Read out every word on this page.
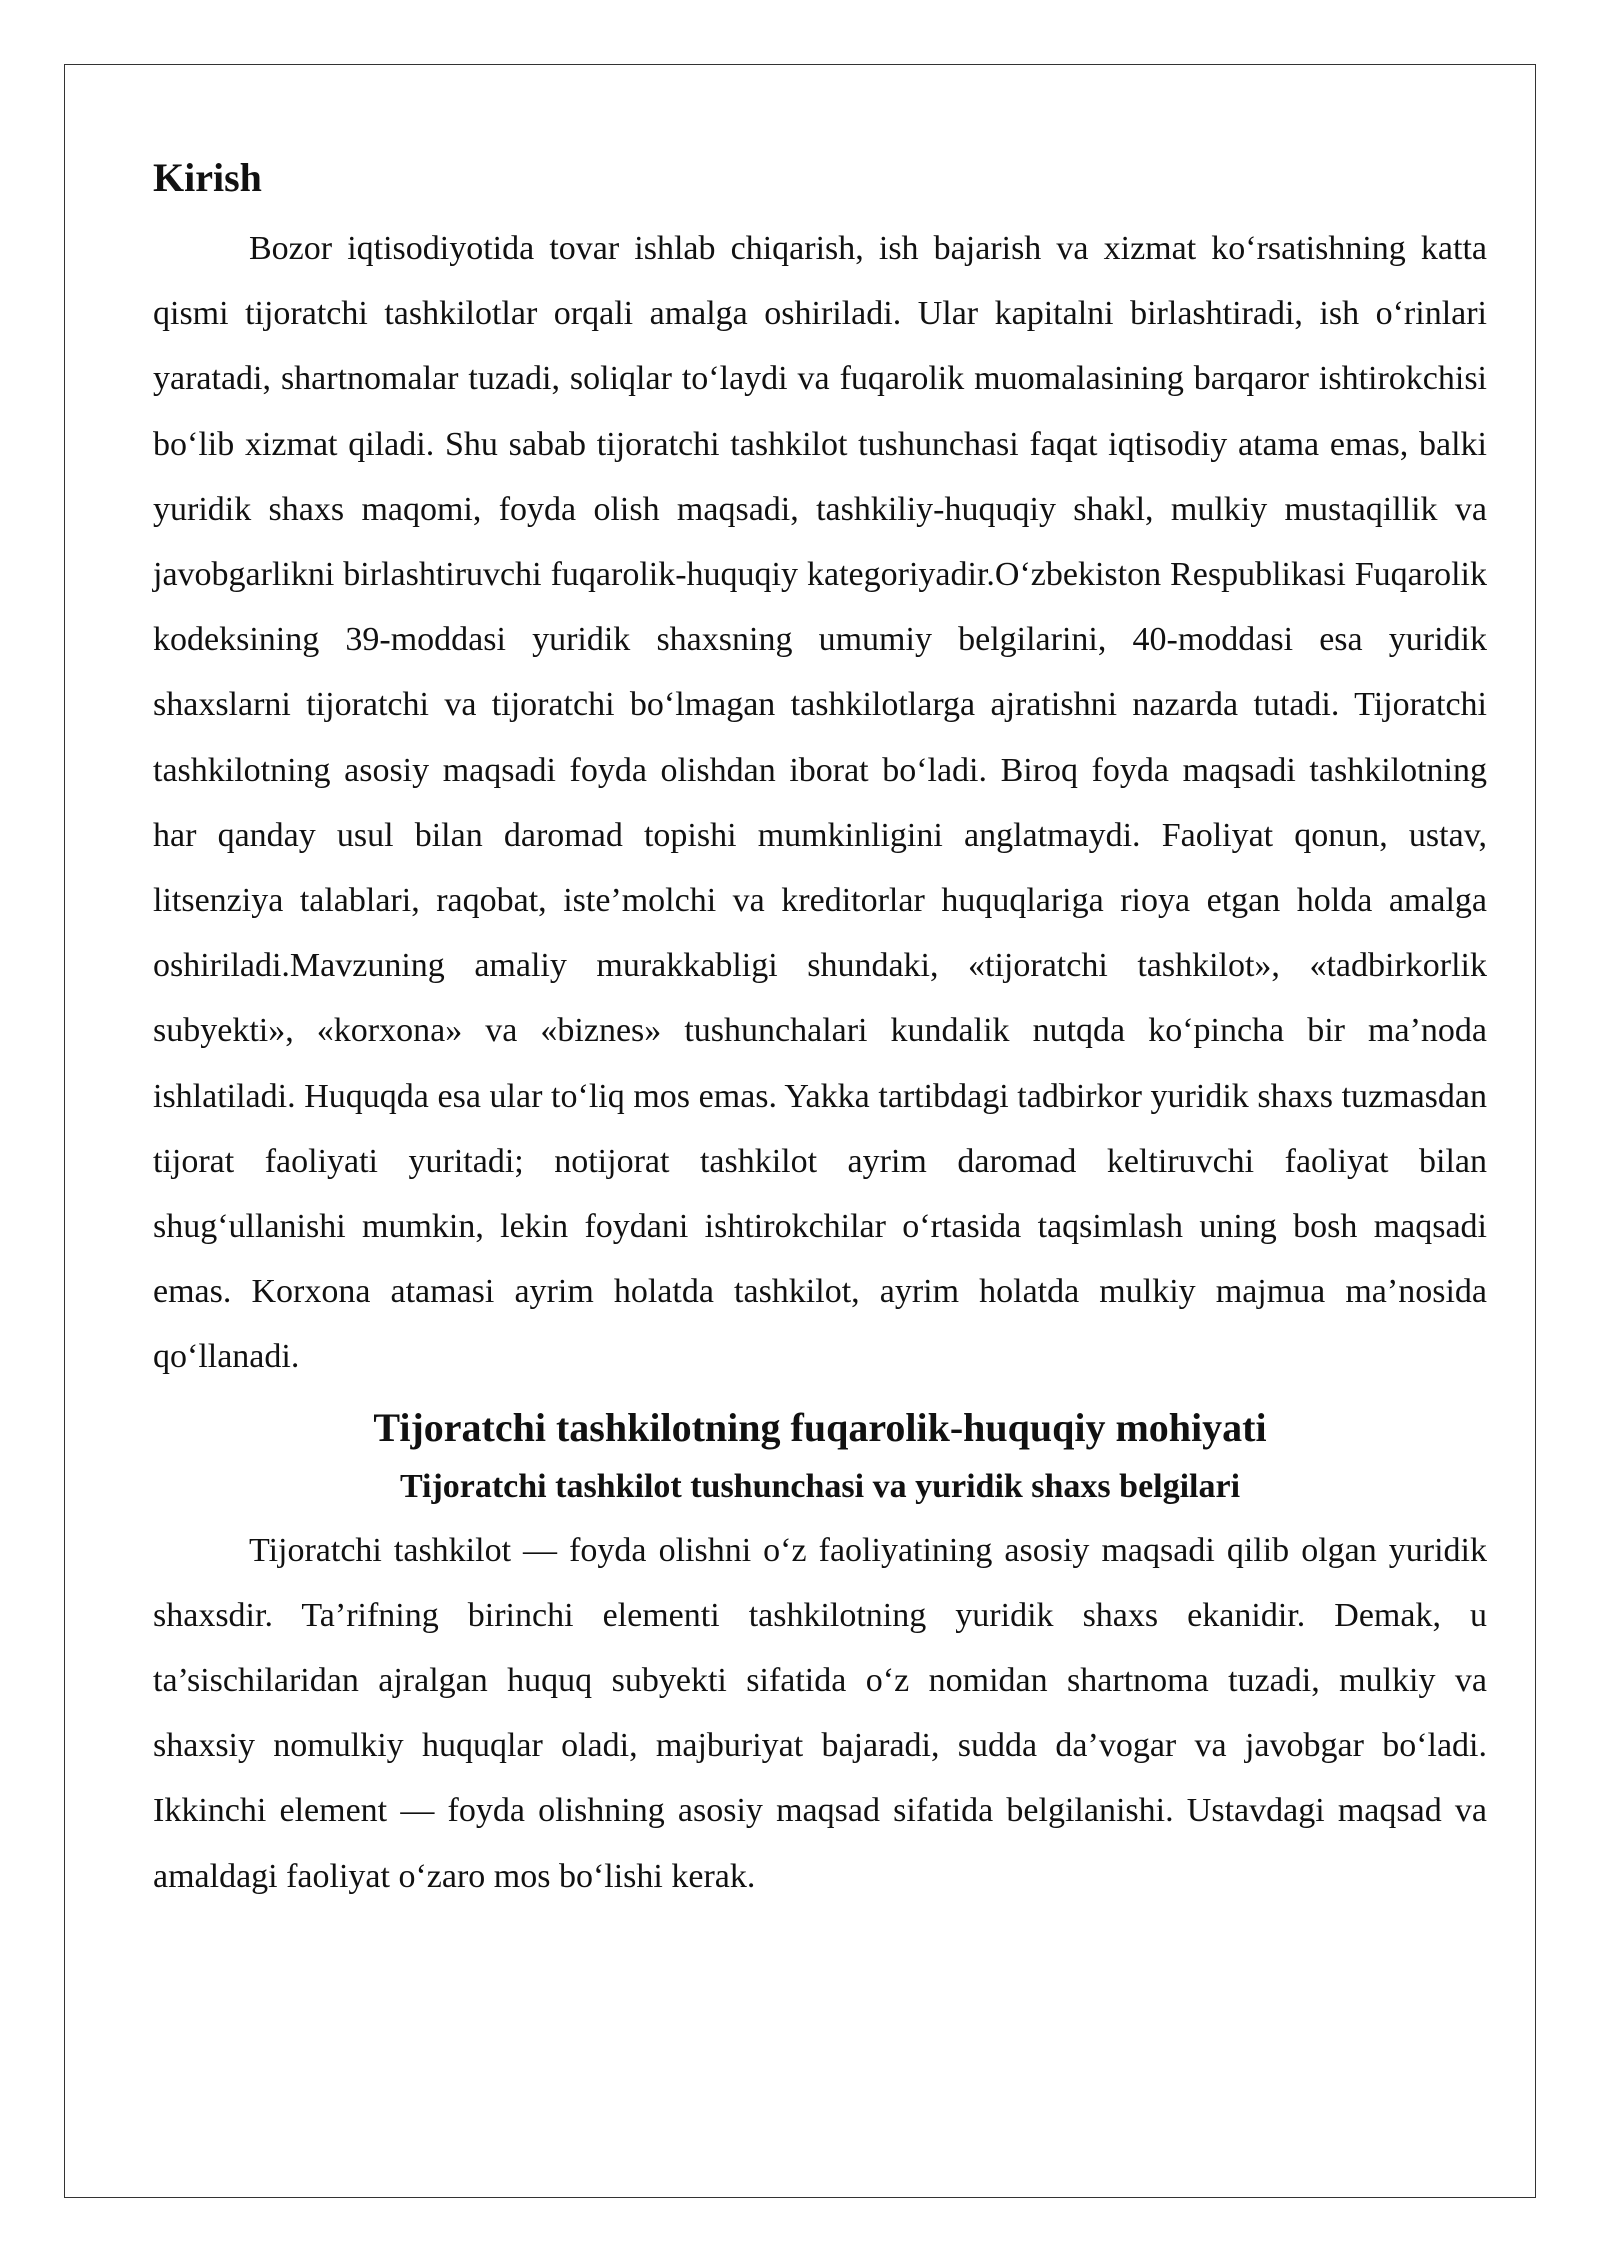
Kirish

Bozor iqtisodiyotida tovar ishlab chiqarish, ish bajarish va xizmat ko‘rsatishning katta qismi tijoratchi tashkilotlar orqali amalga oshiriladi. Ular kapitalni birlashtiradi, ish o‘rinlari yaratadi, shartnomalar tuzadi, soliqlar to‘laydi va fuqarolik muomalasining barqaror ishtirokchisi bo‘lib xizmat qiladi. Shu sabab tijoratchi tashkilot tushunchasi faqat iqtisodiy atama emas, balki yuridik shaxs maqomi, foyda olish maqsadi, tashkiliy-huquqiy shakl, mulkiy mustaqillik va javobgarlikni birlashtiruvchi fuqarolik-huquqiy kategoriyadir.O‘zbekiston Respublikasi Fuqarolik kodeksining 39-moddasi yuridik shaxsning umumiy belgilarini, 40-moddasi esa yuridik shaxslarni tijoratchi va tijoratchi bo‘lmagan tashkilotlarga ajratishni nazarda tutadi. Tijoratchi tashkilotning asosiy maqsadi foyda olishdan iborat bo‘ladi. Biroq foyda maqsadi tashkilotning har qanday usul bilan daromad topishi mumkinligini anglatmaydi. Faoliyat qonun, ustav, litsenziya talablari, raqobat, iste’molchi va kreditorlar huquqlariga rioya etgan holda amalga oshiriladi.Mavzuning amaliy murakkabligi shundaki, «tijoratchi tashkilot», «tadbirkorlik subyekti», «korxona» va «biznes» tushunchalari kundalik nutqda ko‘pincha bir ma’noda ishlatiladi. Huquqda esa ular to‘liq mos emas. Yakka tartibdagi tadbirkor yuridik shaxs tuzmasdan tijorat faoliyati yuritadi; notijorat tashkilot ayrim daromad keltiruvchi faoliyat bilan shug‘ullanishi mumkin, lekin foydani ishtirokchilar o‘rtasida taqsimlash uning bosh maqsadi emas. Korxona atamasi ayrim holatda tashkilot, ayrim holatda mulkiy majmua ma’nosida qo‘llanadi.

Tijoratchi tashkilotning fuqarolik-huquqiy mohiyati
Tijoratchi tashkilot tushunchasi va yuridik shaxs belgilari

Tijoratchi tashkilot — foyda olishni o‘z faoliyatining asosiy maqsadi qilib olgan yuridik shaxsdir. Ta’rifning birinchi elementi tashkilotning yuridik shaxs ekanidir. Demak, u ta’sischilaridan ajralgan huquq subyekti sifatida o‘z nomidan shartnoma tuzadi, mulkiy va shaxsiy nomulkiy huquqlar oladi, majburiyat bajaradi, sudda da’vogar va javobgar bo‘ladi. Ikkinchi element — foyda olishning asosiy maqsad sifatida belgilanishi. Ustavdagi maqsad va amaldagi faoliyat o‘zaro mos bo‘lishi kerak.
